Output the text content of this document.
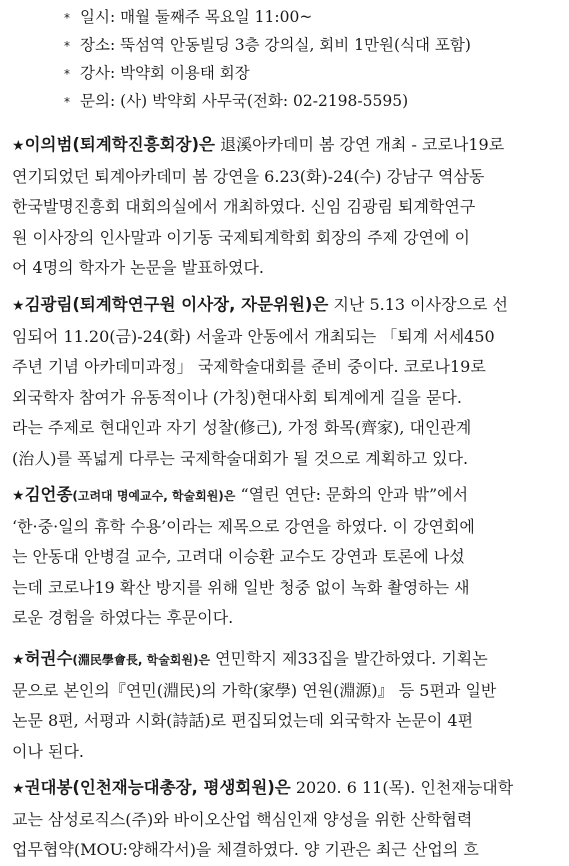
* 일시: 매월 둘째주 목요일 11:00~
* 장소: 뚝섬역 안동빌딩 3층 강의실, 회비 1만원(식대 포함)
* 강사: 박약회 이용태 회장
* 문의: (사) 박약회 사무국(전화: 02-2198-5595)
★이의범(퇴계학진흥회장)은 退溪아카데미 봄 강연 개최 - 코로나19로
연기되었던 퇴계아카데미 봄 강연을 6.23(화)-24(수) 강남구 역삼동
한국발명진흥회 대회의실에서 개최하였다. 신임 김광림 퇴계학연구
원 이사장의 인사말과 이기동 국제퇴계학회 회장의 주제 강연에 이
어 4명의 학자가 논문을 발표하였다.
★김광림(퇴계학연구원 이사장, 자문위원)은 지난 5.13 이사장으로 선
임되어 11.20(금)-24(화) 서울과 안동에서 개최되는 「퇴계 서세450
주년 기념 아카데미과정」 국제학술대회를 준비 중이다. 코로나19로
외국학자 참여가 유동적이나 (가칭)현대사회 퇴계에게 길을 묻다.
라는 주제로 현대인과 자기 성찰(修己), 가정 화목(齊家), 대인관계
(治人)를 폭넓게 다루는 국제학술대회가 될 것으로 계획하고 있다.
★김언종(고려대 명예교수, 학술회원)은 “열린 연단: 문화의 안과 밖”에서
‘한·중·일의 휴학 수용’이라는 제목으로 강연을 하였다. 이 강연회에
는 안동대 안병걸 교수, 고려대 이승환 교수도 강연과 토론에 나섰
는데 코로나19 확산 방지를 위해 일반 청중 없이 녹화 촬영하는 새
로운 경험을 하였다는 후문이다.
★허권수(淵民學會長, 학술회원)은 연민학지 제33집을 발간하였다. 기획논
문으로 본인의『연민(淵民)의 가학(家學) 연원(淵源)』 등 5편과 일반
논문 8편, 서평과 시화(詩話)로 편집되었는데 외국학자 논문이 4편
이나 된다.
★권대봉(인천재능대총장, 평생회원)은 2020. 6 11(목). 인천재능대학
교는 삼성로직스(주)와 바이오산업 핵심인재 양성을 위한 산학협력
업무협약(MOU:양해각서)을 체결하였다. 양 기관은 최근 산업의 흐
